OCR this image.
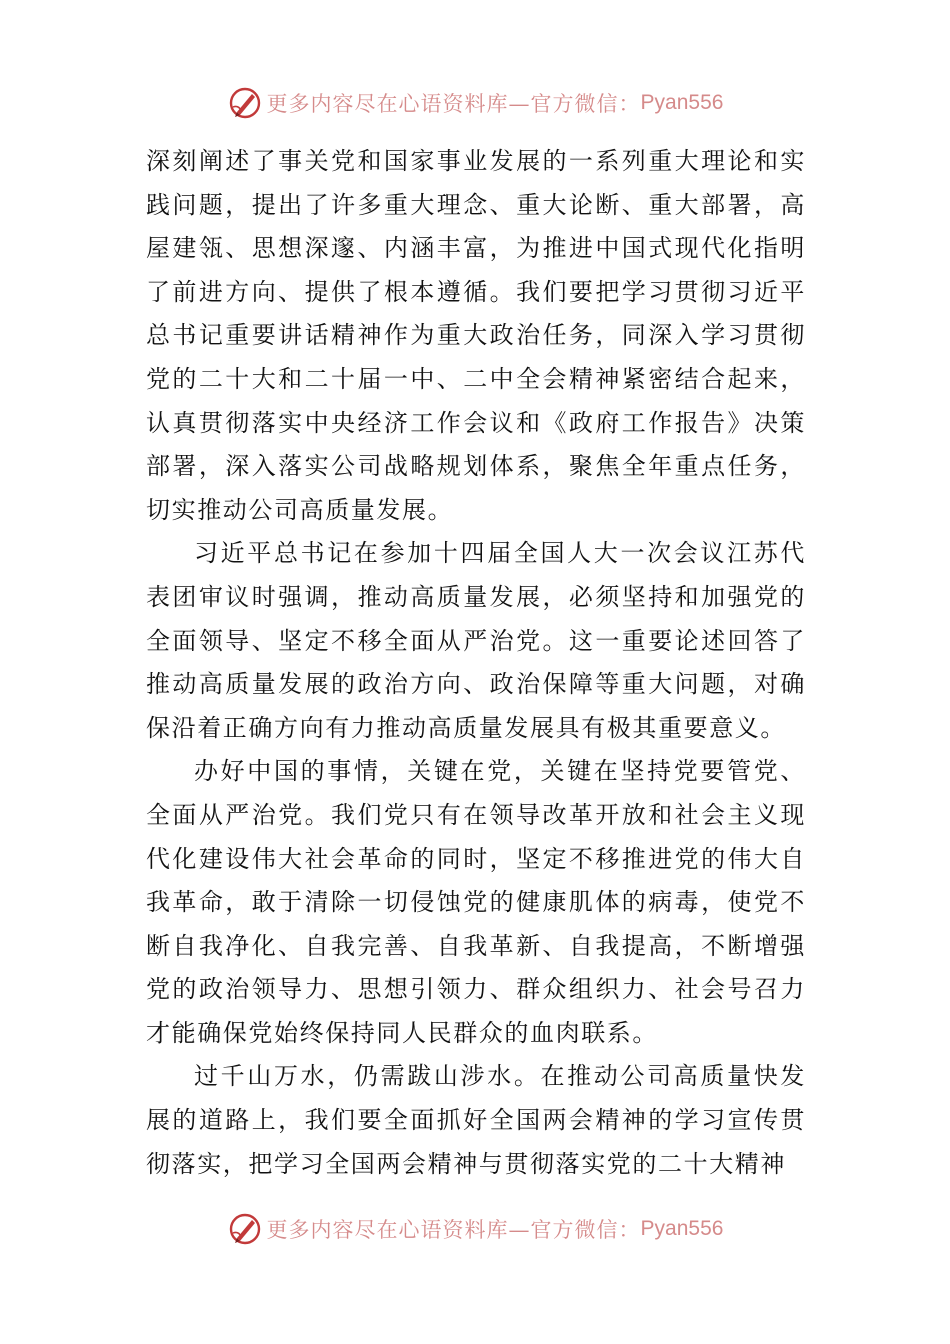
更多内容尽在心语资料库—官方微信： Pyan556

深刻阐述了事关党和国家事业发展的一系列重大理论和实践问题，提出了许多重大理念、重大论断、重大部署，高屋建瓴、思想深邃、内涵丰富，为推进中国式现代化指明了前进方向、提供了根本遵循。我们要把学习贯彻习近平总书记重要讲话精神作为重大政治任务，同深入学习贯彻党的二十大和二十届一中、二中全会精神紧密结合起来，认真贯彻落实中央经济工作会议和《政府工作报告》决策部署，深入落实公司战略规划体系，聚焦全年重点任务，切实推动公司高质量发展。

习近平总书记在参加十四届全国人大一次会议江苏代表团审议时强调，推动高质量发展，必须坚持和加强党的全面领导、坚定不移全面从严治党。这一重要论述回答了推动高质量发展的政治方向、政治保障等重大问题，对确保沿着正确方向有力推动高质量发展具有极其重要意义。

办好中国的事情，关键在党，关键在坚持党要管党、全面从严治党。我们党只有在领导改革开放和社会主义现代化建设伟大社会革命的同时，坚定不移推进党的伟大自我革命，敢于清除一切侵蚀党的健康肌体的病毒，使党不断自我净化、自我完善、自我革新、自我提高，不断增强党的政治领导力、思想引领力、群众组织力、社会号召力才能确保党始终保持同人民群众的血肉联系。

过千山万水，仍需跋山涉水。在推动公司高质量快发展的道路上，我们要全面抓好全国两会精神的学习宣传贯彻落实，把学习全国两会精神与贯彻落实党的二十大精神

更多内容尽在心语资料库—官方微信： Pyan556
